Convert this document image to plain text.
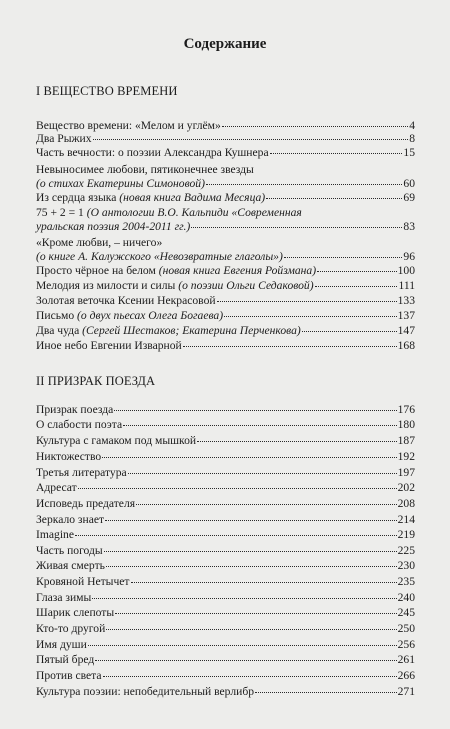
Содержание
I ВЕЩЕСТВО ВРЕМЕНИ
Вещество времени: «Мелом и углём»	4
Два Рыжих	8
Часть вечности: о поэзии Александра Кушнера	15
Невыносимее любови, пятиконечнее звезды
(о стихах Екатерины Симоновой)	60
Из сердца языка (новая книга Вадима Месяца)	69
75 + 2 = 1 (О антологии В.О. Кальпиди «Современная
уральская поэзия 2004-2011 гг.)	83
«Кроме любви, – ничего»
(о книге А. Калужского «Невозвратные глаголы»)	96
Просто чёрное на белом (новая книга Евгения Ройзмана)	100
Мелодия из милости и силы (о поэзии Ольги Седаковой)	111
Золотая веточка Ксении Некрасовой	133
Письмо (о двух пьесах Олега Богаева)	137
Два чуда (Сергей Шестаков; Екатерина Перченкова)	147
Иное небо Евгении Изварной	168
II ПРИЗРАК ПОЕЗДА
Призрак поезда	176
О слабости поэта	180
Культура с гамаком под мышкой	187
Никтожество	192
Третья литература	197
Адресат	202
Исповедь предателя	208
Зеркало знает	214
Imagine	219
Часть погоды	225
Живая смерть	230
Кровяной Нетычет	235
Глаза зимы	240
Шарик слепоты	245
Кто-то другой	250
Имя души	256
Пятый бред	261
Против света	266
Культура поэзии: непобедительный верлибр	271
